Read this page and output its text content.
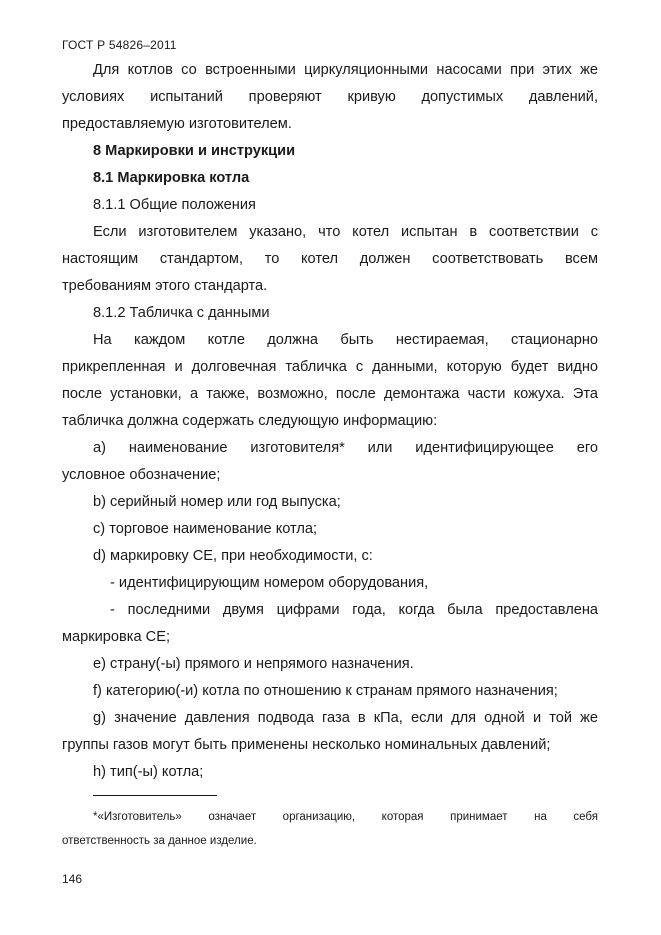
ГОСТ Р 54826–2011

Для котлов со встроенными циркуляционными насосами при этих же

условиях испытаний проверяют кривую допустимых давлений,
предоставляемую изготовителем.

8 Маркировки и инструкции

8.1 Маркировка котла

8.1.1 Общие положения

Если изготовителем указано, что котел испытан в соответствии с
настоящим стандартом, то котел должен соответствовать всем
требованиям этого стандарта.

8.1.2 Табличка с данными

На каждом котле должна быть нестираемая, стационарно
прикрепленная и долговечная табличка с данными, которую будет видно
после установки, а также, возможно, после демонтажа части кожуха. Эта
табличка должна содержать следующую информацию:

a) наименование изготовителя* или идентифицирующее его
условное обозначение;

b) серийный номер или год выпуска;

c) торговое наименование котла;

d) маркировку СЕ, при необходимости, с:

- идентифицирующим номером оборудования,

- последними двумя цифрами года, когда была предоставлена
маркировка СЕ;

e) страну(-ы) прямого и непрямого назначения.

f) категорию(-и) котла по отношению к странам прямого назначения;

g) значение давления подвода газа в кПа, если для одной и той же
группы газов могут быть применены несколько номинальных давлений;

h) тип(-ы) котла;

*«Изготовитель» означает организацию, которая принимает на себя
ответственность за данное изделие.

146
